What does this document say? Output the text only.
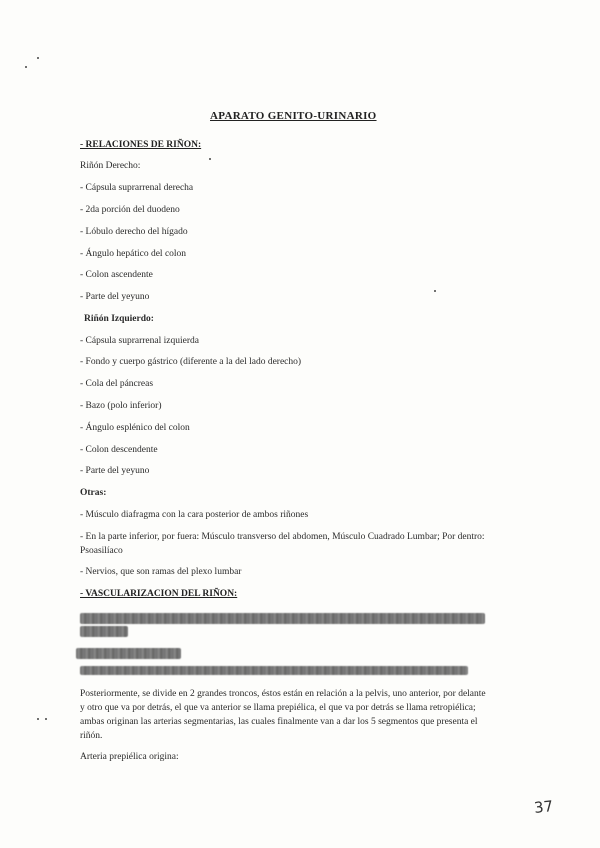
APARATO GENITO-URINARIO
- RELACIONES DE RIÑON:
Riñón Derecho:
- Cápsula suprarrenal derecha
- 2da porción del duodeno
- Lóbulo derecho del hígado
- Ángulo hepático del colon
- Colon ascendente
- Parte del yeyuno
Riñón Izquierdo:
- Cápsula suprarrenal izquierda
- Fondo y cuerpo gástrico (diferente a la del lado derecho)
- Cola del páncreas
- Bazo (polo inferior)
- Ángulo esplénico del colon
- Colon descendente
- Parte del yeyuno
Otras:
- Músculo diafragma con la cara posterior de ambos riñones
- En la parte inferior, por fuera: Músculo transverso del abdomen, Músculo Cuadrado Lumbar; Por dentro: Psoasilíaco
- Nervios, que son ramas del plexo lumbar
- VASCULARIZACION DEL RIÑON:
Posteriormente, se divide en 2 grandes troncos, éstos están en relación a la pelvis, uno anterior, por delante y otro que va por detrás, el que va anterior se llama prepiélica, el que va por detrás se llama retropiélica; ambas originan las arterias segmentarias, las cuales finalmente van a dar los 5 segmentos que presenta el riñón.
Arteria prepiélica origina:
37
